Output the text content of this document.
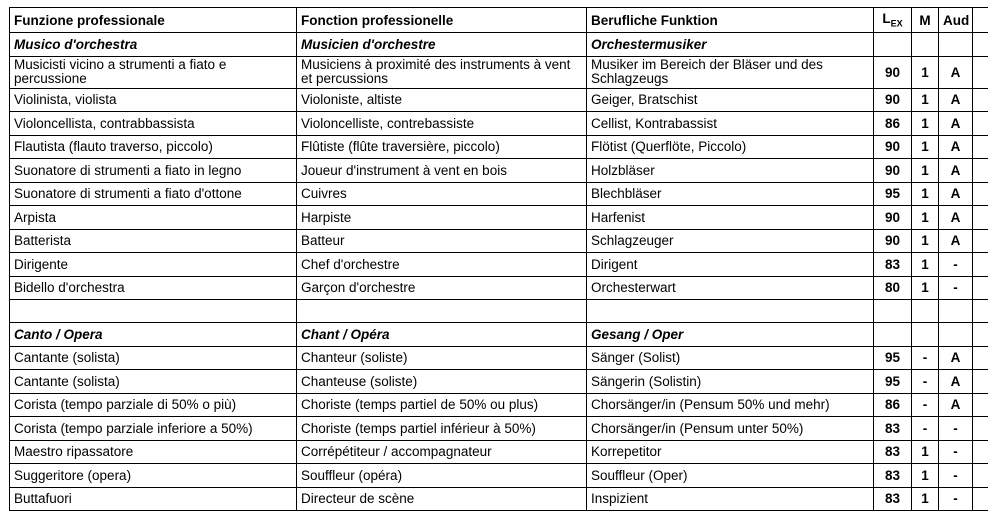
Funzione professionale	Fonction professionelle	Berufliche Funktion	$L_{EX}$	M	Aud	
Musico d'orchestra	Musicien d'orchestre	Orchestermusiker				
Musicisti vicino a strumenti a fiato e percussione	Musiciens à proximité des instruments à vent et percussions	Musiker im Bereich der Bläser und des Schlagzeugs	90	1	A	
Violinista, violista	Violoniste, altiste	Geiger, Bratschist	90	1	A	
Violoncellista, contrabbassista	Violoncelliste, contrebassiste	Cellist, Kontrabassist	86	1	A	
Flautista (flauto traverso, piccolo)	Flûtiste (flûte traversière, piccolo)	Flötist (Querflöte, Piccolo)	90	1	A	
Suonatore di strumenti a fiato in legno	Joueur d'instrument à vent en bois	Holzbläser	90	1	A	
Suonatore di strumenti a fiato d'ottone	Cuivres	Blechbläser	95	1	A	
Arpista	Harpiste	Harfenist	90	1	A	
Batterista	Batteur	Schlagzeuger	90	1	A	
Dirigente	Chef d'orchestre	Dirigent	83	1	-	
Bidello d'orchestra	Garçon d'orchestre	Orchesterwart	80	1	-	

Canto / Opera	Chant / Opéra	Gesang / Oper				
Cantante (solista)	Chanteur (soliste)	Sänger (Solist)	95	-	A	
Cantante (solista)	Chanteuse (soliste)	Sängerin (Solistin)	95	-	A	
Corista (tempo parziale di 50% o più)	Choriste (temps partiel de 50% ou plus)	Chorsänger/in (Pensum 50% und mehr)	86	-	A	
Corista (tempo parziale inferiore a 50%)	Choriste (temps partiel inférieur à 50%)	Chorsänger/in (Pensum unter 50%)	83	-	-	
Maestro ripassatore	Corrépétiteur / accompagnateur	Korrepetitor	83	1	-	
Suggeritore (opera)	Souffleur (opéra)	Souffleur (Oper)	83	1	-	
Buttafuori	Directeur de scène	Inspizient	83	1	-	
